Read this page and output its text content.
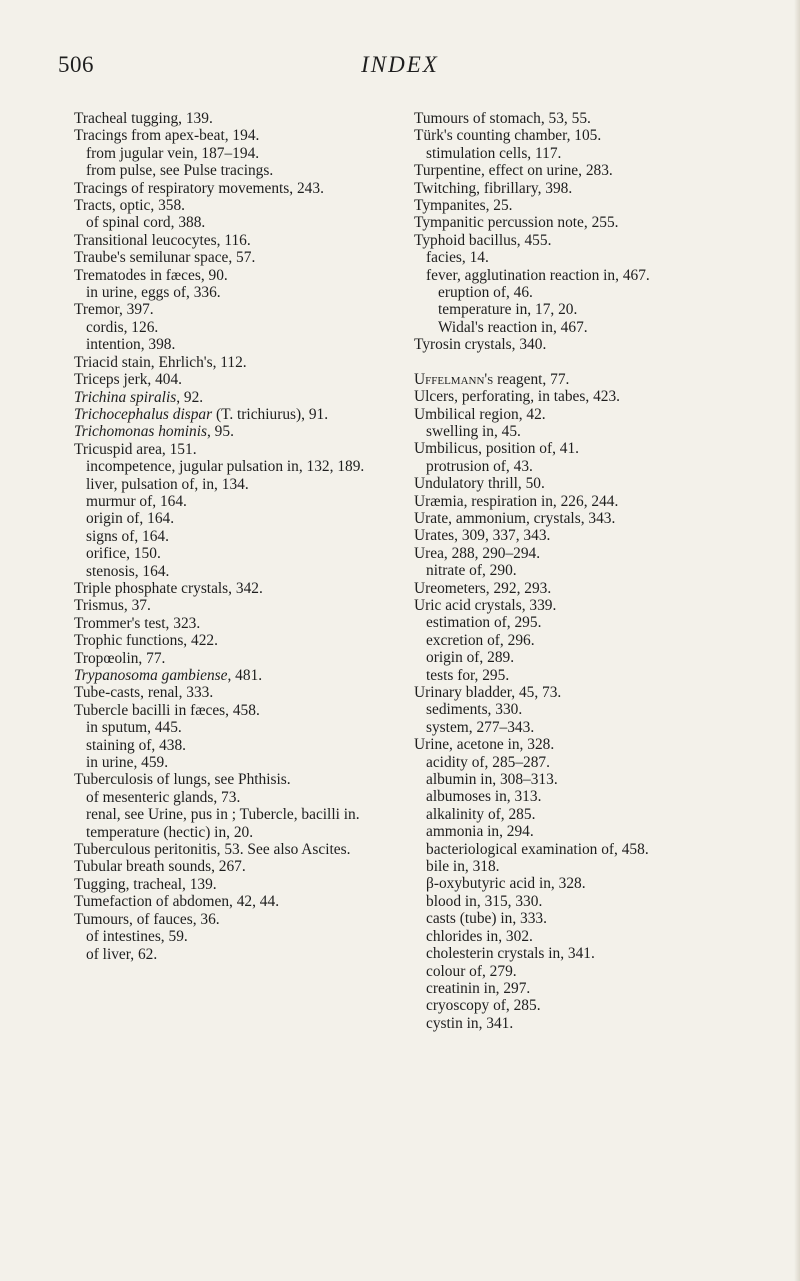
506	INDEX

Tracheal tugging, 139.

Tracings from apex-beat, 194.

from jugular vein, 187–194.

from pulse, see Pulse tracings.

Tracings of respiratory movements, 243.

Tracts, optic, 358.

of spinal cord, 388.

Transitional leucocytes, 116.

Traube's semilunar space, 57.

Trematodes in fæces, 90.

in urine, eggs of, 336.

Tremor, 397.

cordis, 126.

intention, 398.

Triacid stain, Ehrlich's, 112.

Triceps jerk, 404.

Trichina spiralis, 92.

Trichocephalus dispar (T. trichiurus), 91.

Trichomonas hominis, 95.

Tricuspid area, 151.

incompetence, jugular pulsation in, 132, 189.

liver, pulsation of, in, 134.

murmur of, 164.

origin of, 164.

signs of, 164.

orifice, 150.

stenosis, 164.

Triple phosphate crystals, 342.

Trismus, 37.

Trommer's test, 323.

Trophic functions, 422.

Tropœolin, 77.

Trypanosoma gambiense, 481.

Tube-casts, renal, 333.

Tubercle bacilli in fæces, 458.

in sputum, 445.

staining of, 438.

in urine, 459.

Tuberculosis of lungs, see Phthisis.

of mesenteric glands, 73.

renal, see Urine, pus in ; Tubercle, bacilli in.

temperature (hectic) in, 20.

Tuberculous peritonitis, 53. See also Ascites.

Tubular breath sounds, 267.

Tugging, tracheal, 139.

Tumefaction of abdomen, 42, 44.

Tumours, of fauces, 36.

of intestines, 59.

of liver, 62.

Tumours of stomach, 53, 55.

Türk's counting chamber, 105.

stimulation cells, 117.

Turpentine, effect on urine, 283.

Twitching, fibrillary, 398.

Tympanites, 25.

Tympanitic percussion note, 255.

Typhoid bacillus, 455.

facies, 14.

fever, agglutination reaction in, 467.

eruption of, 46.

temperature in, 17, 20.

Widal's reaction in, 467.

Tyrosin crystals, 340.

Uffelmann's reagent, 77.

Ulcers, perforating, in tabes, 423.

Umbilical region, 42.

swelling in, 45.

Umbilicus, position of, 41.

protrusion of, 43.

Undulatory thrill, 50.

Uræmia, respiration in, 226, 244.

Urate, ammonium, crystals, 343.

Urates, 309, 337, 343.

Urea, 288, 290–294.

nitrate of, 290.

Ureometers, 292, 293.

Uric acid crystals, 339.

estimation of, 295.

excretion of, 296.

origin of, 289.

tests for, 295.

Urinary bladder, 45, 73.

sediments, 330.

system, 277–343.

Urine, acetone in, 328.

acidity of, 285–287.

albumin in, 308–313.

albumoses in, 313.

alkalinity of, 285.

ammonia in, 294.

bacteriological examination of, 458.

bile in, 318.

β-oxybutyric acid in, 328.

blood in, 315, 330.

casts (tube) in, 333.

chlorides in, 302.

cholesterin crystals in, 341.

colour of, 279.

creatinin in, 297.

cryoscopy of, 285.

cystin in, 341.
